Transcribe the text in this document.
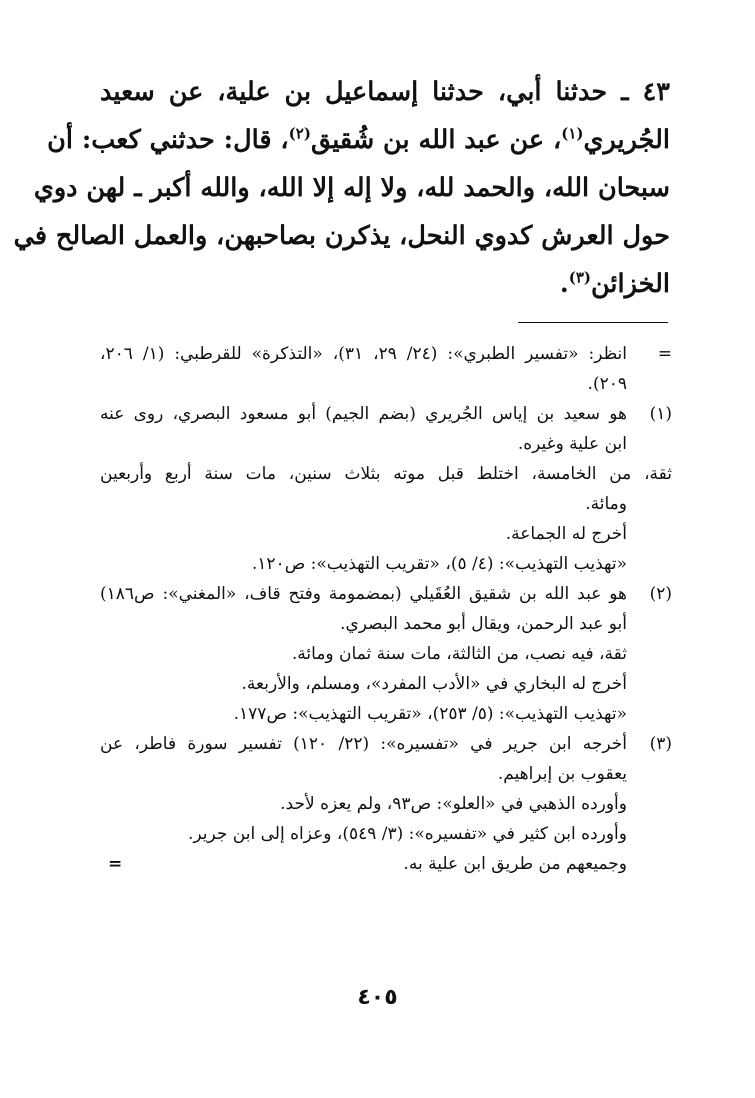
٤٣ ـ حدثنا أبي، حدثنا إسماعيل بن علية، عن سعيد
الجُريري$^{(١)}$، عن عبد الله بن شُقيق$^{(٢)}$، قال: حدثني كعب: أن
سبحان الله، والحمد لله، ولا إله إلا الله، والله أكبر ـ لهن دوي
حول العرش كدوي النحل، يذكرن بصاحبهن، والعمل الصالح في
الخزائن$^{(٣)}$.
=
انظر: «تفسير الطبري»: (٢٤/ ٢٩، ٣١)، «التذكرة» للقرطبي: (١/ ٢٠٦،
٢٠٩).
(١)
هو سعيد بن إياس الجُريري (بضم الجيم) أبو مسعود البصري، روى عنه
ابن علية وغيره.
ثقة، من الخامسة، اختلط قبل موته بثلاث سنين، مات سنة أربع وأربعين
ومائة.
أخرج له الجماعة.
«تهذيب التهذيب»: (٤/ ٥)، «تقريب التهذيب»: ص١٢٠.
(٢)
هو عبد الله بن شقيق العُقَيلي (بمضمومة وفتح قاف، «المغني»: ص١٨٦)
أبو عبد الرحمن، ويقال أبو محمد البصري.
ثقة، فيه نصب، من الثالثة، مات سنة ثمان ومائة.
أخرج له البخاري في «الأدب المفرد»، ومسلم، والأربعة.
«تهذيب التهذيب»: (٥/ ٢٥٣)، «تقريب التهذيب»: ص١٧٧.
(٣)
أخرجه ابن جرير في «تفسيره»: (٢٢/ ١٢٠) تفسير سورة فاطر، عن
يعقوب بن إبراهيم.
وأورده الذهبي في «العلو»: ص٩٣، ولم يعزه لأحد.
وأورده ابن كثير في «تفسيره»: (٣/ ٥٤٩)، وعزاه إلى ابن جرير.
وجميعهم من طريق ابن علية به.
=
٤٠٥
